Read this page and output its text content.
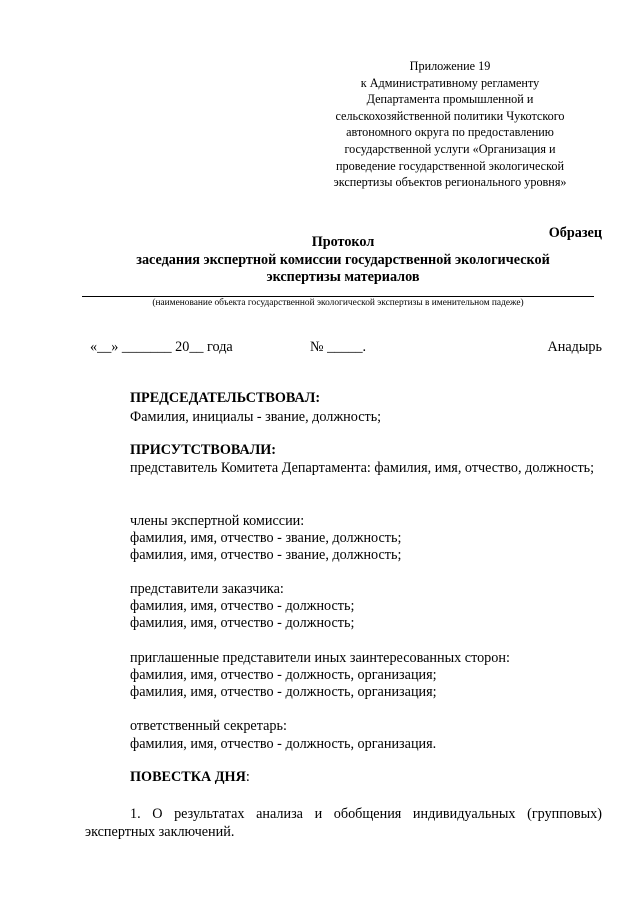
Приложение 19
к Административному регламенту
Департамента промышленной и
сельскохозяйственной политики Чукотского
автономного округа по предоставлению
государственной услуги «Организация и
проведение государственной экологической
экспертизы объектов регионального уровня»
Образец
Протокол
заседания экспертной комиссии государственной экологической
экспертизы материалов
(наименование объекта государственной экологической экспертизы в именительном падеже)
«__» _______ 20__ года	№ _____.	Анадырь
ПРЕДСЕДАТЕЛЬСТВОВАЛ:
Фамилия, инициалы - звание, должность;
ПРИСУТСТВОВАЛИ:
представитель Комитета Департамента: фамилия, имя, отчество, должность;
члены экспертной комиссии:
фамилия, имя, отчество - звание, должность;
фамилия, имя, отчество - звание, должность;
представители заказчика:
фамилия, имя, отчество - должность;
фамилия, имя, отчество - должность;
приглашенные представители иных заинтересованных сторон:
фамилия, имя, отчество - должность, организация;
фамилия, имя, отчество - должность, организация;
ответственный секретарь:
фамилия, имя, отчество - должность, организация.
ПОВЕСТКА ДНЯ:
1. О результатах анализа и обобщения индивидуальных (групповых) экспертных заключений.
